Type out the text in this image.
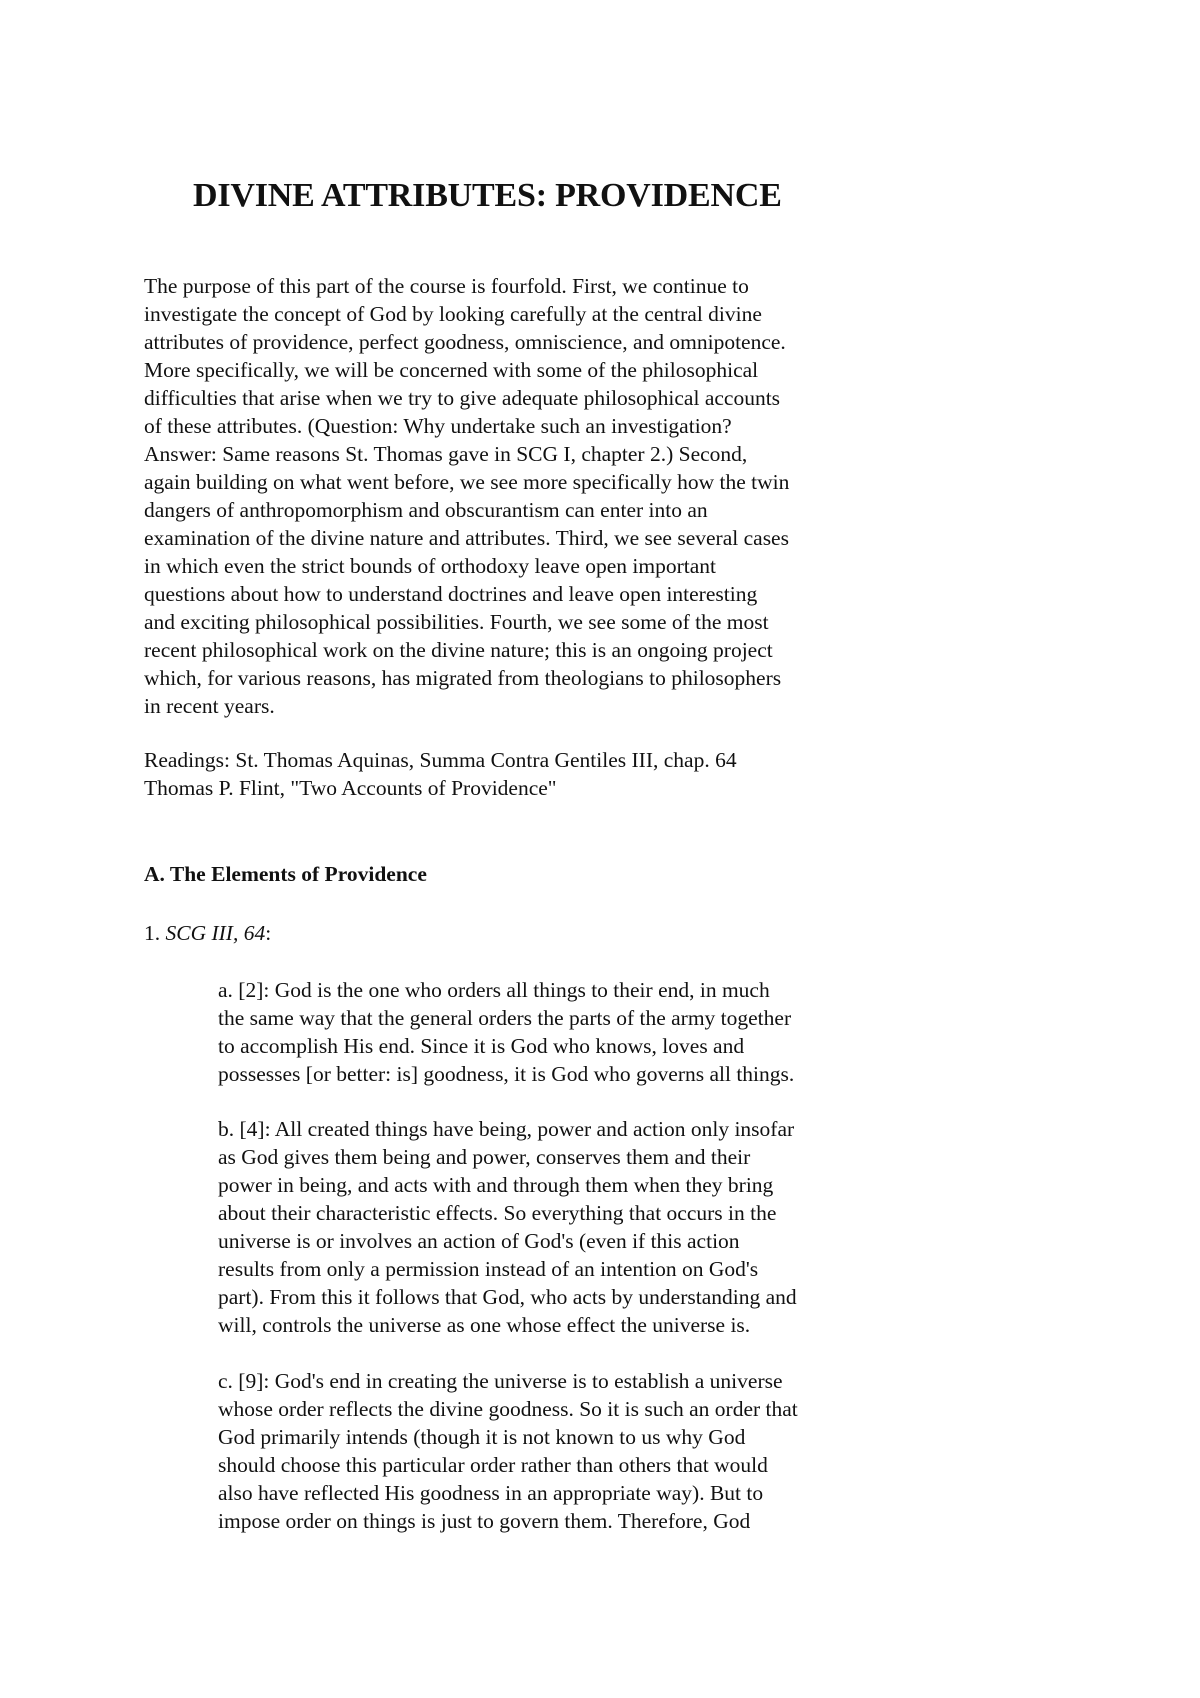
DIVINE ATTRIBUTES: PROVIDENCE

The purpose of this part of the course is fourfold. First, we continue to
investigate the concept of God by looking carefully at the central divine
attributes of providence, perfect goodness, omniscience, and omnipotence.
More specifically, we will be concerned with some of the philosophical
difficulties that arise when we try to give adequate philosophical accounts
of these attributes. (Question: Why undertake such an investigation?
Answer: Same reasons St. Thomas gave in SCG I, chapter 2.) Second,
again building on what went before, we see more specifically how the twin
dangers of anthropomorphism and obscurantism can enter into an
examination of the divine nature and attributes. Third, we see several cases
in which even the strict bounds of orthodoxy leave open important
questions about how to understand doctrines and leave open interesting
and exciting philosophical possibilities. Fourth, we see some of the most
recent philosophical work on the divine nature; this is an ongoing project
which, for various reasons, has migrated from theologians to philosophers
in recent years.

Readings: St. Thomas Aquinas, Summa Contra Gentiles III, chap. 64
Thomas P. Flint, "Two Accounts of Providence"

A. The Elements of Providence

1. SCG III, 64:

a. [2]: God is the one who orders all things to their end, in much
the same way that the general orders the parts of the army together
to accomplish His end. Since it is God who knows, loves and
possesses [or better: is] goodness, it is God who governs all things.

b. [4]: All created things have being, power and action only insofar
as God gives them being and power, conserves them and their
power in being, and acts with and through them when they bring
about their characteristic effects. So everything that occurs in the
universe is or involves an action of God's (even if this action
results from only a permission instead of an intention on God's
part). From this it follows that God, who acts by understanding and
will, controls the universe as one whose effect the universe is.

c. [9]: God's end in creating the universe is to establish a universe
whose order reflects the divine goodness. So it is such an order that
God primarily intends (though it is not known to us why God
should choose this particular order rather than others that would
also have reflected His goodness in an appropriate way). But to
impose order on things is just to govern them. Therefore, God
